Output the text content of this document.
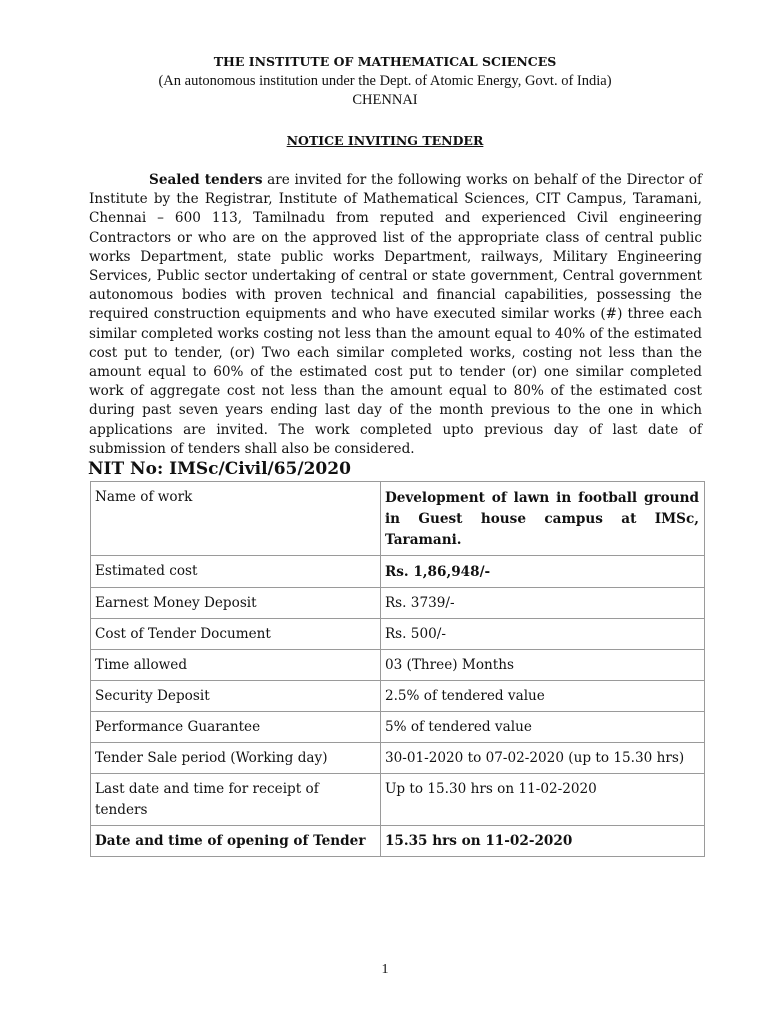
THE INSTITUTE OF MATHEMATICAL SCIENCES
(An autonomous institution under the Dept. of Atomic Energy, Govt. of India)
CHENNAI
NOTICE INVITING TENDER
Sealed tenders are invited for the following works on behalf of the Director of Institute by the Registrar, Institute of Mathematical Sciences, CIT Campus, Taramani, Chennai – 600 113, Tamilnadu from reputed and experienced Civil engineering Contractors or who are on the approved list of the appropriate class of central public works Department, state public works Department, railways, Military Engineering Services, Public sector undertaking of central or state government, Central government autonomous bodies with proven technical and financial capabilities, possessing the required construction equipments and who have executed similar works (#) three each similar completed works costing not less than the amount equal to 40% of the estimated cost put to tender, (or) Two each similar completed works, costing not less than the amount equal to 60% of the estimated cost put to tender (or) one similar completed work of aggregate cost not less than the amount equal to 80% of the estimated cost during past seven years ending last day of the month previous to the one in which applications are invited. The work completed upto previous day of last date of submission of tenders shall also be considered.
NIT No: IMSc/Civil/65/2020
Name of work	Development of lawn in football ground in Guest house campus at IMSc, Taramani.
Estimated cost	Rs. 1,86,948/-
Earnest Money Deposit	Rs. 3739/-
Cost of Tender Document	Rs. 500/-
Time allowed	03 (Three) Months
Security Deposit	2.5% of tendered value
Performance Guarantee	5% of tendered value
Tender Sale period (Working day)	30-01-2020 to 07-02-2020 (up to 15.30 hrs)
Last date and time for receipt of tenders	Up to 15.30 hrs on 11-02-2020
Date and time of opening of Tender	15.35 hrs on 11-02-2020
1
